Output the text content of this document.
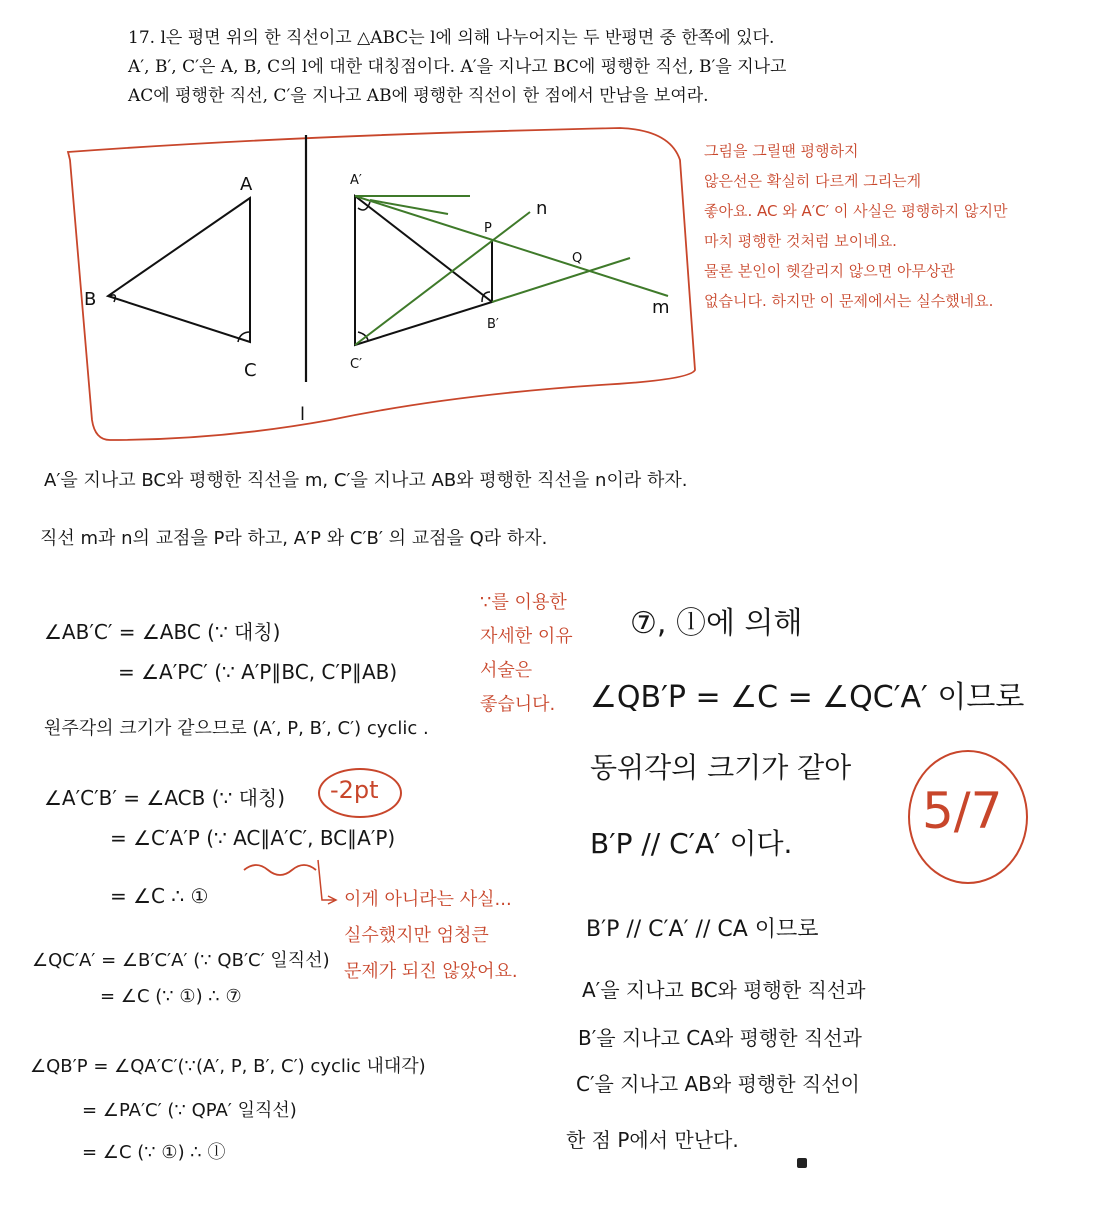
17. l은 평면 위의 한 직선이고 △ABC는 l에 의해 나누어지는 두 반평면 중 한쪽에 있다.

A′, B′, C′은 A, B, C의 l에 대한 대칭점이다. A′을 지나고 BC에 평행한 직선, B′을 지나고

AC에 평행한 직선, C′을 지나고 AB에 평행한 직선이 한 점에서 만남을 보여라.

A
B
C
l
A′
B′
C′
P
Q
n
m
그림을 그릴땐 평행하지
않은선은 확실히 다르게 그리는게
좋아요. AC 와 A′C′ 이 사실은 평행하지 않지만
마치 평행한 것처럼 보이네요.
물론 본인이 헷갈리지 않으면 아무상관
없습니다. 하지만 이 문제에서는 실수했네요.
A′을 지나고 BC와 평행한 직선을 m, C′을 지나고 AB와 평행한 직선을 n이라 하자.
직선 m과 n의 교점을 P라 하고, A′P 와 C′B′ 의 교점을 Q라 하자.
∠AB′C′ = ∠ABC (∵ 대칭)
= ∠A′PC′ (∵ A′P∥BC, C′P∥AB)
원주각의 크기가 같으므로 (A′, P, B′, C′) cyclic .
∠A′C′B′ = ∠ACB (∵ 대칭)
= ∠C′A′P (∵ AC∥A′C′, BC∥A′P)
= ∠C ∴ ①
∠QC′A′ = ∠B′C′A′ (∵ QB′C′ 일직선)
= ∠C (∵ ①) ∴ ⑦
∠QB′P = ∠QA′C′(∵(A′, P, B′, C′) cyclic 내대각)
= ∠PA′C′ (∵ QPA′ 일직선)
= ∠C (∵ ①) ∴ ⓛ
∵를 이용한
자세한 이유
서술은
좋습니다.
-2pt
이게 아니라는 사실...
실수했지만 엄청큰
문제가 되진 않았어요.
5/7
⑦, ⓛ에 의해
∠QB′P = ∠C = ∠QC′A′ 이므로
동위각의 크기가 같아
B′P // C′A′ 이다.
B′P // C′A′ // CA 이므로
A′을 지나고 BC와 평행한 직선과
B′을 지나고 CA와 평행한 직선과
C′을 지나고 AB와 평행한 직선이
한 점 P에서 만난다.
